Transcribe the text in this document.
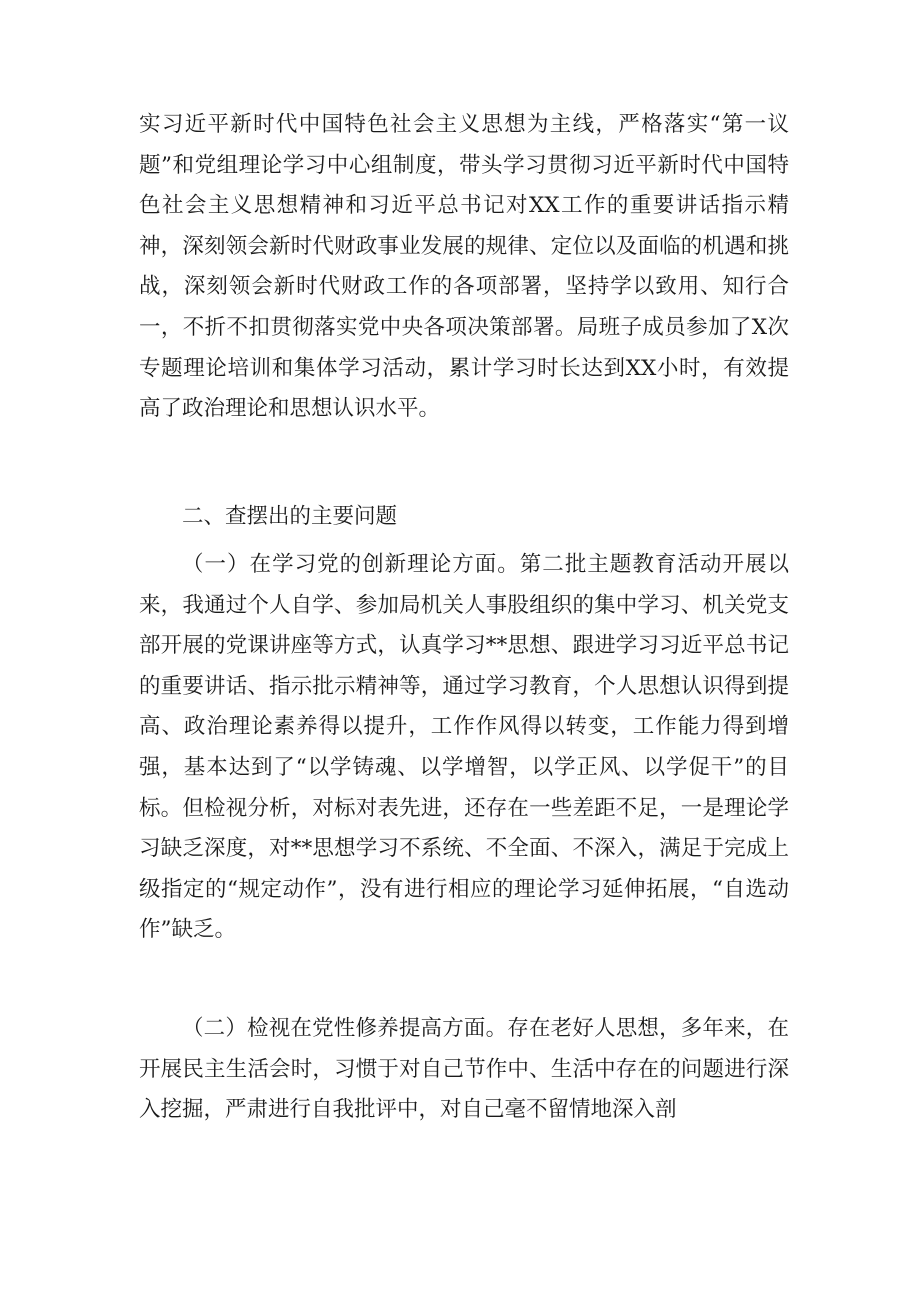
实习近平新时代中国特色社会主义思想为主线，严格落实“第一议题”和党组理论学习中心组制度，带头学习贯彻习近平新时代中国特色社会主义思想精神和习近平总书记对XX工作的重要讲话指示精神，深刻领会新时代财政事业发展的规律、定位以及面临的机遇和挑战，深刻领会新时代财政工作的各项部署，坚持学以致用、知行合一，不折不扣贯彻落实党中央各项决策部署。局班子成员参加了X次专题理论培训和集体学习活动，累计学习时长达到XX小时，有效提高了政治理论和思想认识水平。

二、查摆出的主要问题

（一）在学习党的创新理论方面。第二批主题教育活动开展以来，我通过个人自学、参加局机关人事股组织的集中学习、机关党支部开展的党课讲座等方式，认真学习**思想、跟进学习习近平总书记的重要讲话、指示批示精神等，通过学习教育，个人思想认识得到提高、政治理论素养得以提升，工作作风得以转变，工作能力得到增强，基本达到了“以学铸魂、以学增智，以学正风、以学促干”的目标。但检视分析，对标对表先进，还存在一些差距不足，一是理论学习缺乏深度，对**思想学习不系统、不全面、不深入，满足于完成上级指定的“规定动作”，没有进行相应的理论学习延伸拓展，“自选动作”缺乏。

（二）检视在党性修养提高方面。存在老好人思想，多年来，在开展民主生活会时，习惯于对自己节作中、生活中存在的问题进行深入挖掘，严肃进行自我批评中，对自己毫不留情地深入剖
